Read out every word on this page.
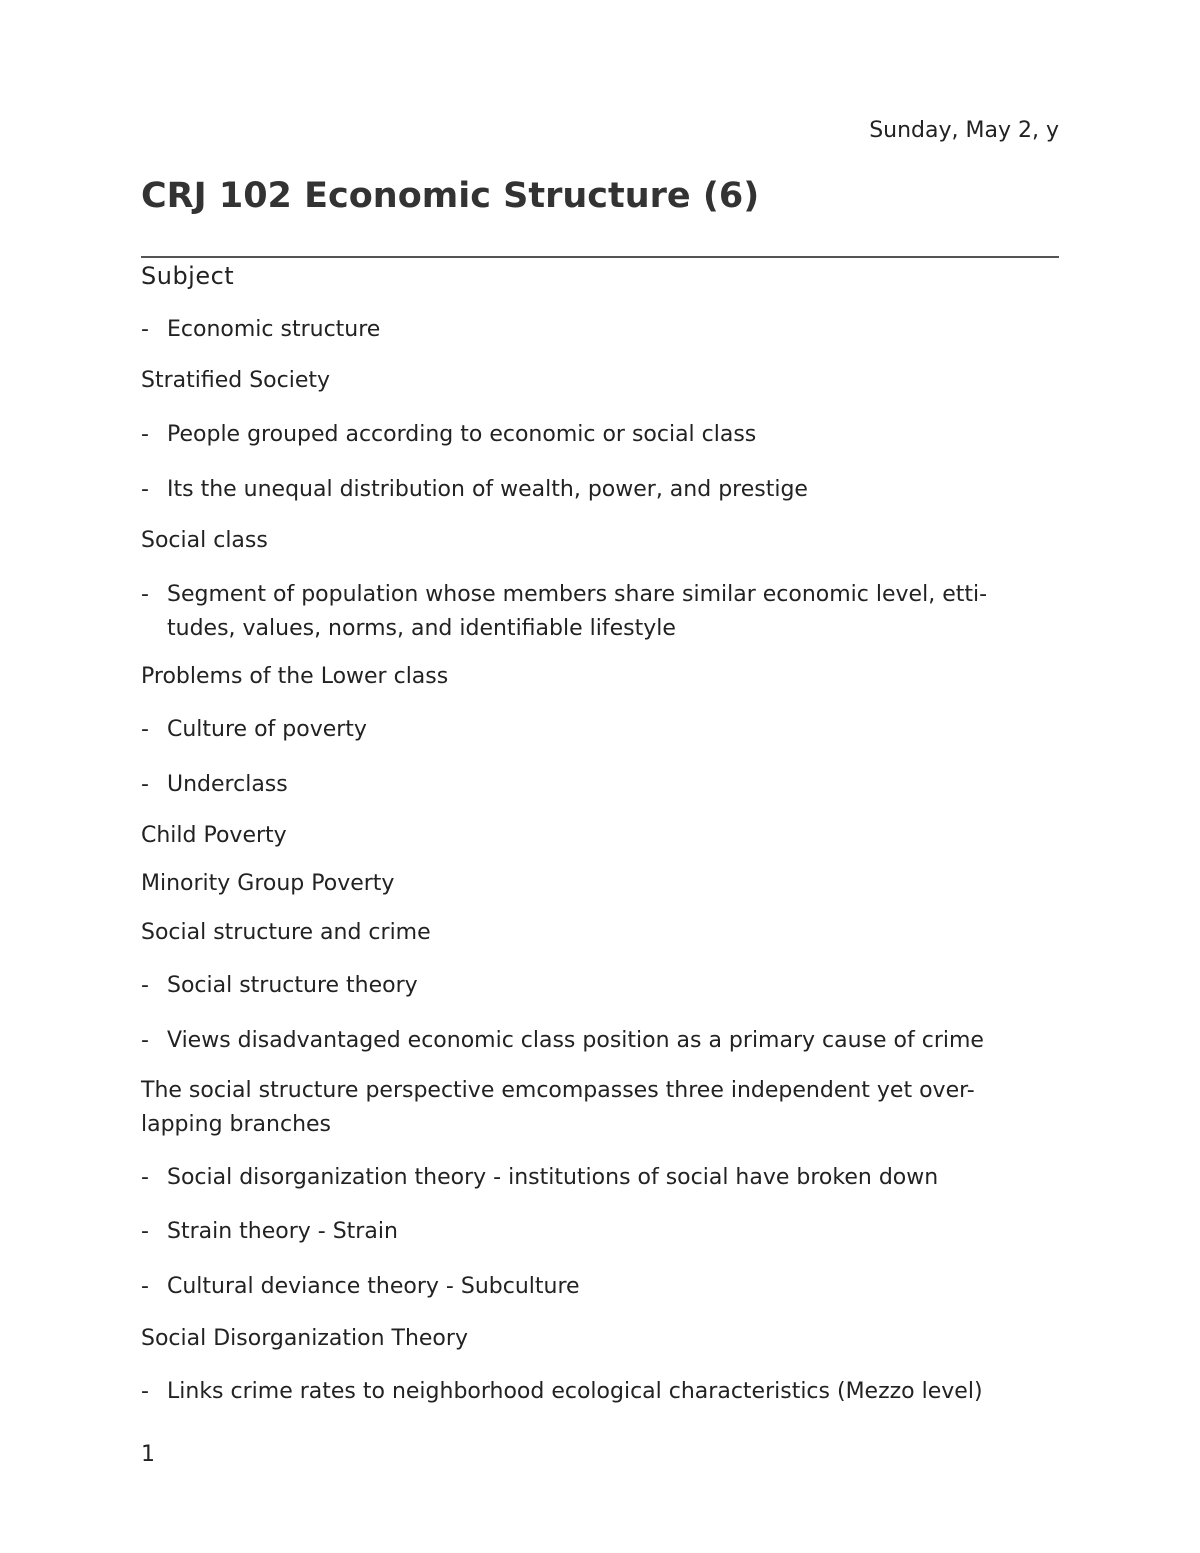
Sunday, May 2, y
CRJ 102 Economic Structure (6)
Subject
- Economic structure
Stratified Society
- People grouped according to economic or social class
- Its the unequal distribution of wealth, power, and prestige
Social class
- Segment of population whose members share similar economic level, etti-
tudes, values, norms, and identifiable lifestyle
Problems of the Lower class
- Culture of poverty
- Underclass
Child Poverty
Minority Group Poverty
Social structure and crime
- Social structure theory
- Views disadvantaged economic class position as a primary cause of crime
The social structure perspective emcompasses three independent yet over-
lapping branches
- Social disorganization theory - institutions of social have broken down
- Strain theory - Strain
- Cultural deviance theory - Subculture
Social Disorganization Theory
- Links crime rates to neighborhood ecological characteristics (Mezzo level)
1
